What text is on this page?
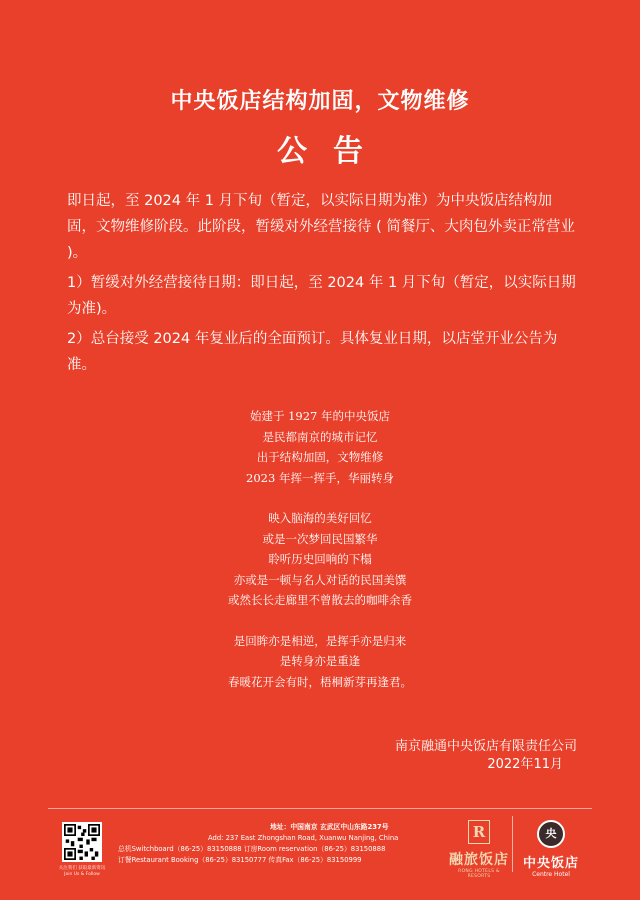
中央饭店结构加固，文物维修
公告

即日起，至 2024 年 1 月下旬（暂定，以实际日期为准）为中央饭店结构加固，文物维修阶段。此阶段，暂缓对外经营接待 ( 简餐厅、大肉包外卖正常营业 )。

1）暂缓对外经营接待日期：即日起，至 2024 年 1 月下旬（暂定，以实际日期为准)。

2）总台接受 2024 年复业后的全面预订。具体复业日期，以店堂开业公告为准。

始建于 1927 年的中央饭店
是民都南京的城市记忆
出于结构加固，文物维修
2023 年挥一挥手，华丽转身
映入脑海的美好回忆
或是一次梦回民国繁华
聆听历史回响的下榻
亦或是一顿与名人对话的民国美馔
或然长长走廊里不曾散去的咖啡余香
是回眸亦是相逆，是挥手亦是归来
是转身亦是重逢
春暖花开会有时，梧桐新芽再逢君。
南京融通中央饭店有限责任公司
2022年11月
关注我们 获取最新资讯 Join Us & Follow
地址：中国南京 玄武区中山东路237号
Add: 237 East Zhongshan Road, Xuanwu Nanjing, China
总机Switchboard（86-25）83150888 订房Room reservation（86-25）83150888
订餐Restaurant Booking（86-25）83150777 传真Fax（86-25）83150999
R
融旅饭店
RONG HOTELS & RESORTS
央
中央饭店
Centre Hotel
